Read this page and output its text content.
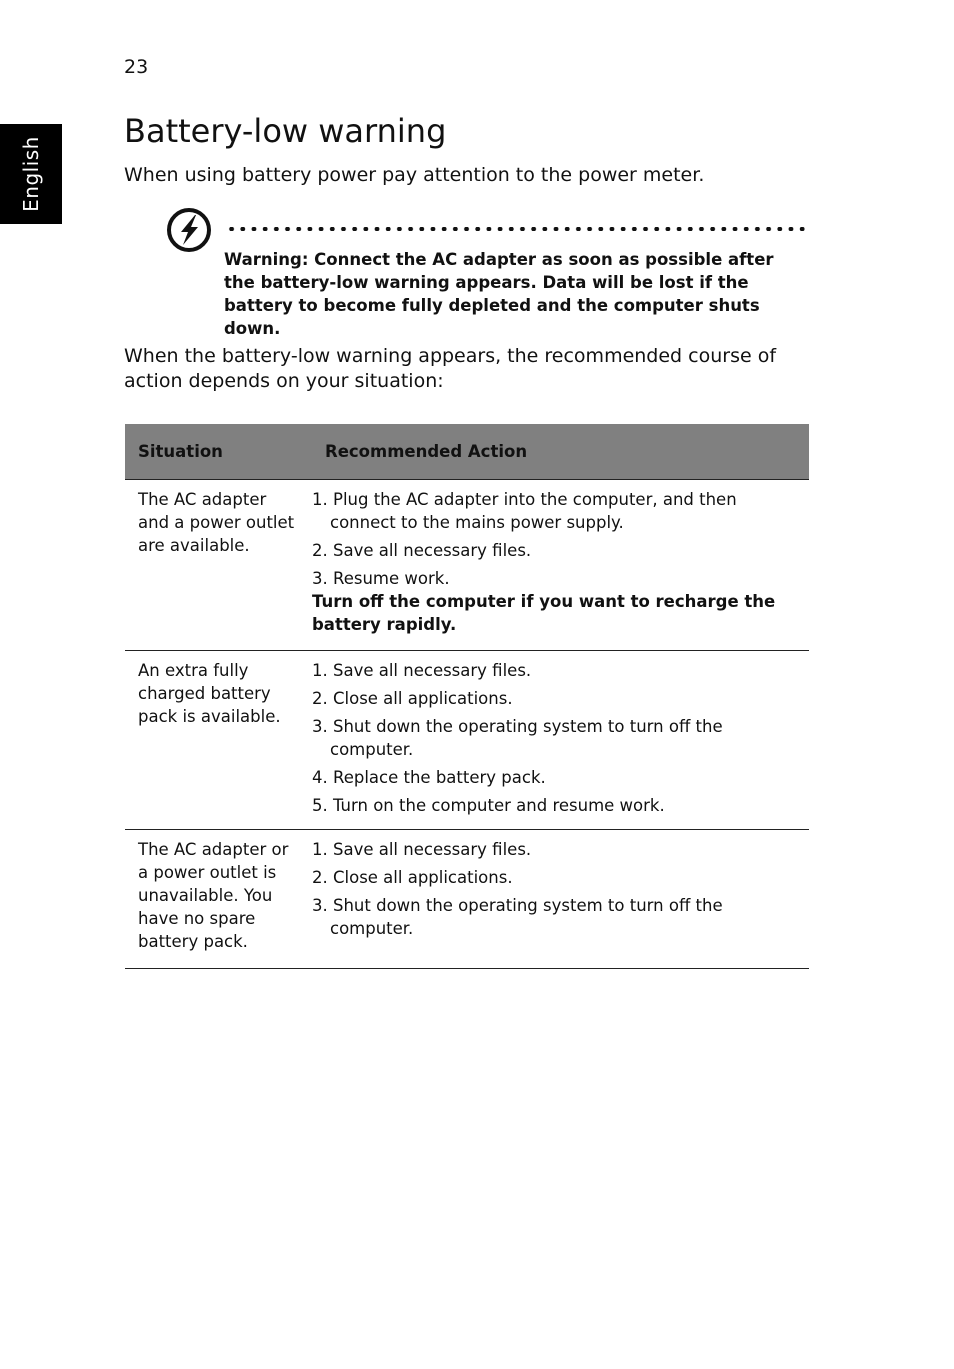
23
English
Battery-low warning

When using battery power pay attention to the power meter.

Warning: Connect the AC adapter as soon as possible after the battery-low warning appears. Data will be lost if the battery to become fully depleted and the computer shuts down.

When the battery-low warning appears, the recommended course of action depends on your situation:

Situation	Recommended Action
The AC adapter and a power outlet are available.
1. Plug the AC adapter into the computer, and then connect to the mains power supply.
2. Save all necessary files.
3. Resume work.
Turn off the computer if you want to recharge the battery rapidly.
An extra fully charged battery pack is available.
1. Save all necessary files.
2. Close all applications.
3. Shut down the operating system to turn off the computer.
4. Replace the battery pack.
5. Turn on the computer and resume work.
The AC adapter or a power outlet is unavailable. You have no spare battery pack.
1. Save all necessary files.
2. Close all applications.
3. Shut down the operating system to turn off the computer.
